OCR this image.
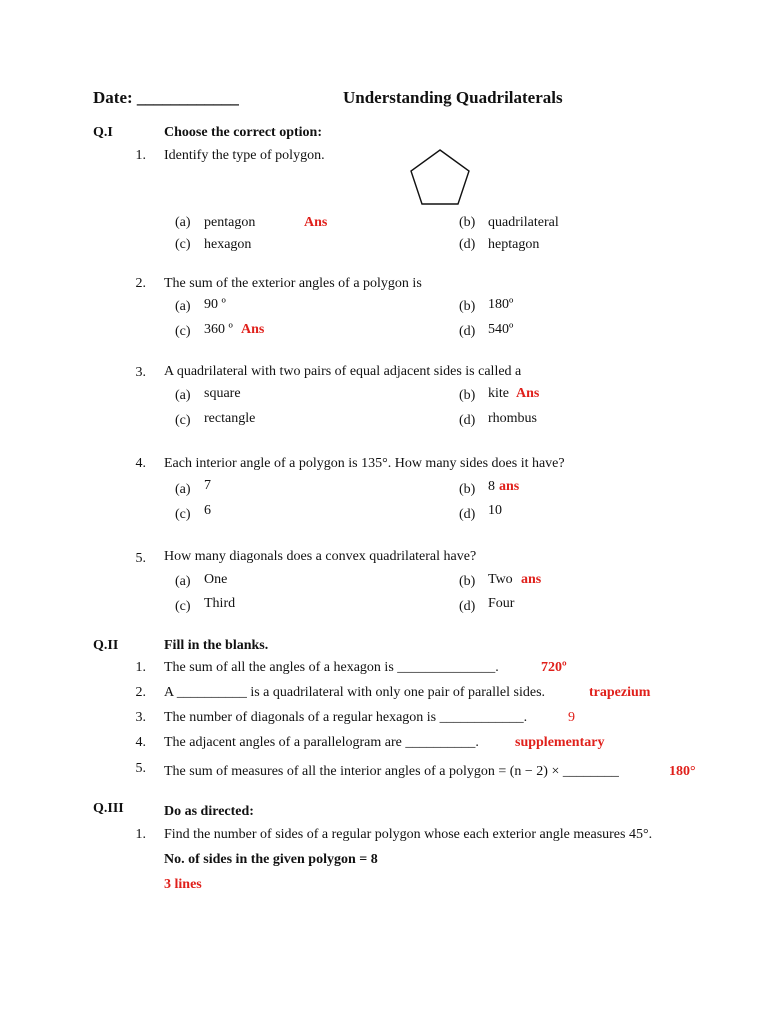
Date: ____________	Understanding Quadrilaterals
Q.I	Choose the correct option:
1. Identify the type of polygon.
(a) pentagon	Ans	(b) quadrilateral
(c) hexagon	(d) heptagon
2. The sum of the exterior angles of a polygon is
(a) 90 º	(b) 180º
(c) 360 º Ans	(d) 540º
3. A quadrilateral with two pairs of equal adjacent sides is called a
(a) square	(b) kite Ans
(c) rectangle	(d) rhombus
4. Each interior angle of a polygon is 135°. How many sides does it have?
(a) 7	(b) 8 ans
(c) 6	(d) 10
5. How many diagonals does a convex quadrilateral have?
(a) One	(b) Two ans
(c) Third	(d) Four
Q.II	Fill in the blanks.
1. The sum of all the angles of a hexagon is ______________.	720º
2. A __________ is a quadrilateral with only one pair of parallel sides.	trapezium
3. The number of diagonals of a regular hexagon is ____________.	9
4. The adjacent angles of a parallelogram are __________.	supplementary
5. The sum of measures of all the interior angles of a polygon = (n − 2) × ________	180°
Q.III	Do as directed:
1. Find the number of sides of a regular polygon whose each exterior angle measures 45°.
No. of sides in the given polygon = 8
3 lines
